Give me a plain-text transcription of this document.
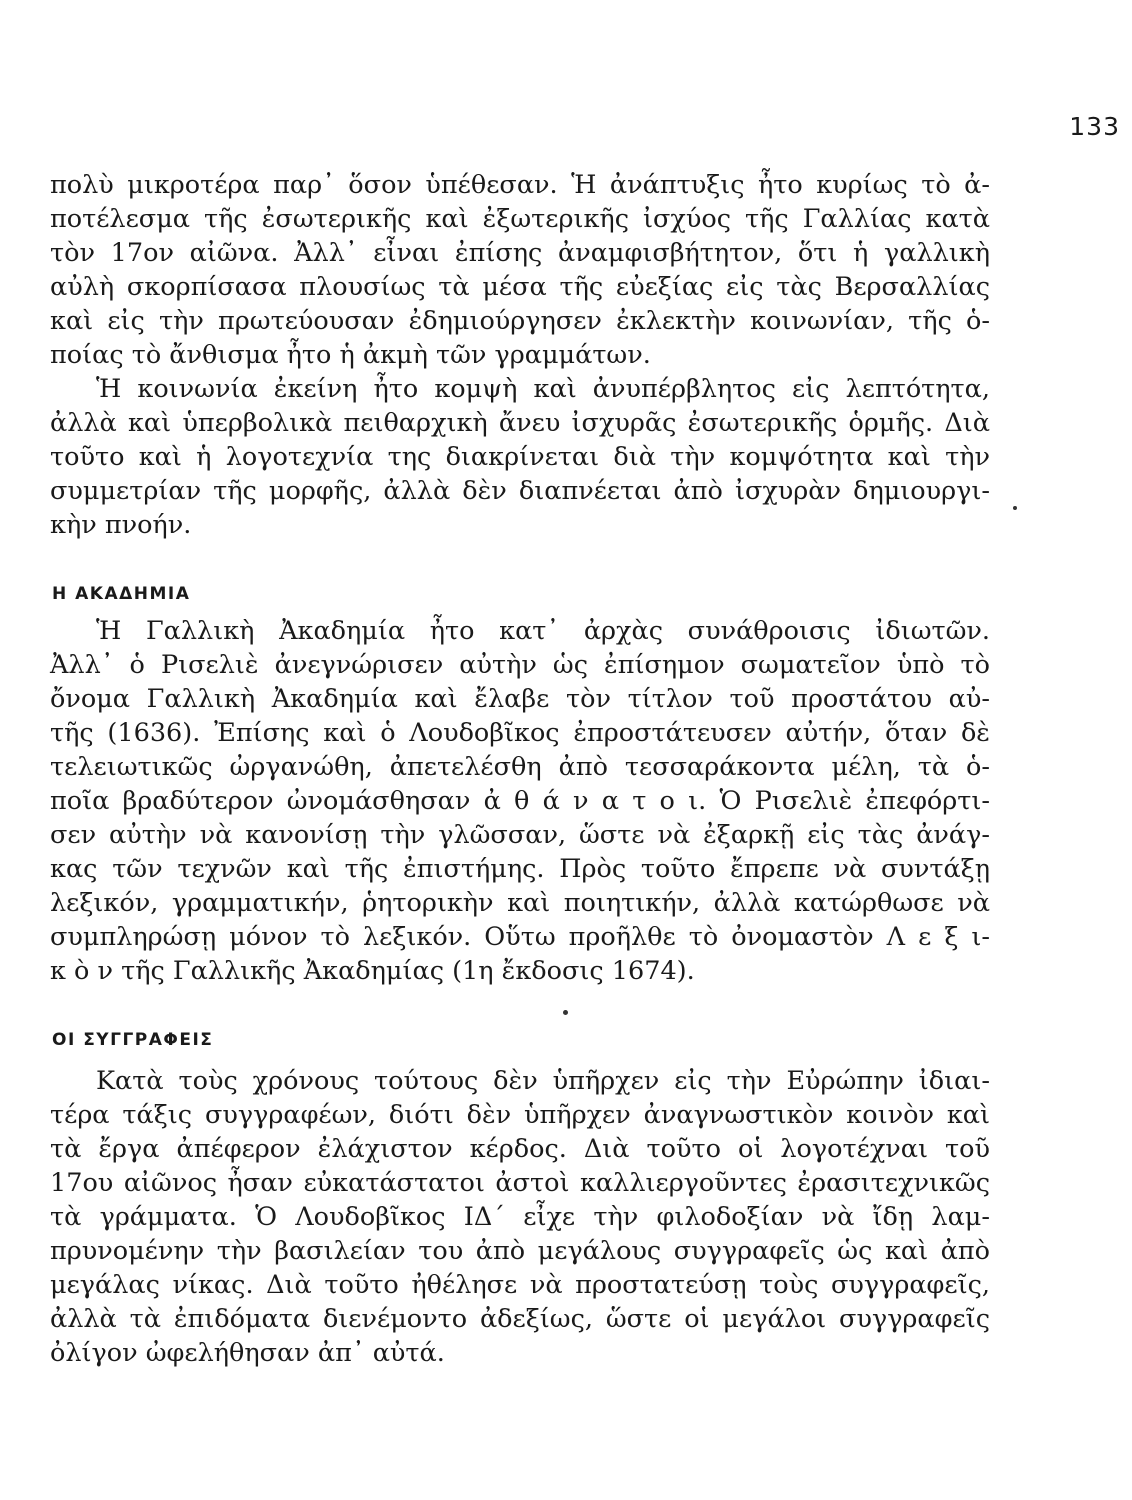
133
πολὺ μικροτέρα παρ᾽ ὅσον ὑπέθεσαν. Ἡ ἀνάπτυξις ἦτο κυρίως τὸ ἀ-
ποτέλεσμα τῆς ἐσωτερικῆς καὶ ἐξωτερικῆς ἰσχύος τῆς Γαλλίας κατὰ
τὸν 17ον αἰῶνα. Ἀλλ᾽ εἶναι ἐπίσης ἀναμφισβήτητον, ὅτι ἡ γαλλικὴ
αὐλὴ σκορπίσασα πλουσίως τὰ μέσα τῆς εὐεξίας εἰς τὰς Βερσαλλίας
καὶ εἰς τὴν πρωτεύουσαν ἐδημιούργησεν ἐκλεκτὴν κοινωνίαν, τῆς ὁ-
ποίας τὸ ἄνθισμα ἦτο ἡ ἀκμὴ τῶν γραμμάτων.
Ἡ κοινωνία ἐκείνη ἦτο κομψὴ καὶ ἀνυπέρβλητος εἰς λεπτότητα,
ἀλλὰ καὶ ὑπερβολικὰ πειθαρχικὴ ἄνευ ἰσχυρᾶς ἐσωτερικῆς ὁρμῆς. Διὰ
τοῦτο καὶ ἡ λογοτεχνία της διακρίνεται διὰ τὴν κομψότητα καὶ τὴν
συμμετρίαν τῆς μορφῆς, ἀλλὰ δὲν διαπνέεται ἀπὸ ἰσχυρὰν δημιουργι-
κὴν πνοήν.
Η ΑΚΑΔΗΜΙΑ
Ἡ Γαλλικὴ Ἀκαδημία ἦτο κατ᾽ ἀρχὰς συνάθροισις ἰδιωτῶν.
Ἀλλ᾽ ὁ Ρισελιὲ ἀνεγνώρισεν αὐτὴν ὡς ἐπίσημον σωματεῖον ὑπὸ τὸ
ὄνομα Γαλλικὴ Ἀκαδημία καὶ ἔλαβε τὸν τίτλον τοῦ προστάτου αὐ-
τῆς (1636). Ἐπίσης καὶ ὁ Λουδοβῖκος ἐπροστάτευσεν αὐτήν, ὅταν δὲ
τελειωτικῶς ὠργανώθη, ἀπετελέσθη ἀπὸ τεσσαράκοντα μέλη, τὰ ὁ-
ποῖα βραδύτερον ὠνομάσθησαν ἀ θ ά ν α τ ο ι. Ὁ Ρισελιὲ ἐπεφόρτι-
σεν αὐτὴν νὰ κανονίσῃ τὴν γλῶσσαν, ὥστε νὰ ἐξαρκῇ εἰς τὰς ἀνάγ-
κας τῶν τεχνῶν καὶ τῆς ἐπιστήμης. Πρὸς τοῦτο ἔπρεπε νὰ συντάξῃ
λεξικόν, γραμματικήν, ῥητορικὴν καὶ ποιητικήν, ἀλλὰ κατώρθωσε νὰ
συμπληρώσῃ μόνον τὸ λεξικόν. Οὕτω προῆλθε τὸ ὀνομαστὸν Λ ε ξ ι-
κ ὸ ν τῆς Γαλλικῆς Ἀκαδημίας (1η ἔκδοσις 1674).
ΟΙ ΣΥΓΓΡΑΦΕΙΣ
Κατὰ τοὺς χρόνους τούτους δὲν ὑπῆρχεν εἰς τὴν Εὐρώπην ἰδιαι-
τέρα τάξις συγγραφέων, διότι δὲν ὑπῆρχεν ἀναγνωστικὸν κοινὸν καὶ
τὰ ἔργα ἀπέφερον ἐλάχιστον κέρδος. Διὰ τοῦτο οἱ λογοτέχναι τοῦ
17ου αἰῶνος ἦσαν εὐκατάστατοι ἀστοὶ καλλιεργοῦντες ἐρασιτεχνικῶς
τὰ γράμματα. Ὁ Λουδοβῖκος ΙΔ΄ εἶχε τὴν φιλοδοξίαν νὰ ἴδῃ λαμ-
πρυνομένην τὴν βασιλείαν του ἀπὸ μεγάλους συγγραφεῖς ὡς καὶ ἀπὸ
μεγάλας νίκας. Διὰ τοῦτο ἠθέλησε νὰ προστατεύσῃ τοὺς συγγραφεῖς,
ἀλλὰ τὰ ἐπιδόματα διενέμοντο ἀδεξίως, ὥστε οἱ μεγάλοι συγγραφεῖς
ὀλίγον ὠφελήθησαν ἀπ᾽ αὐτά.
